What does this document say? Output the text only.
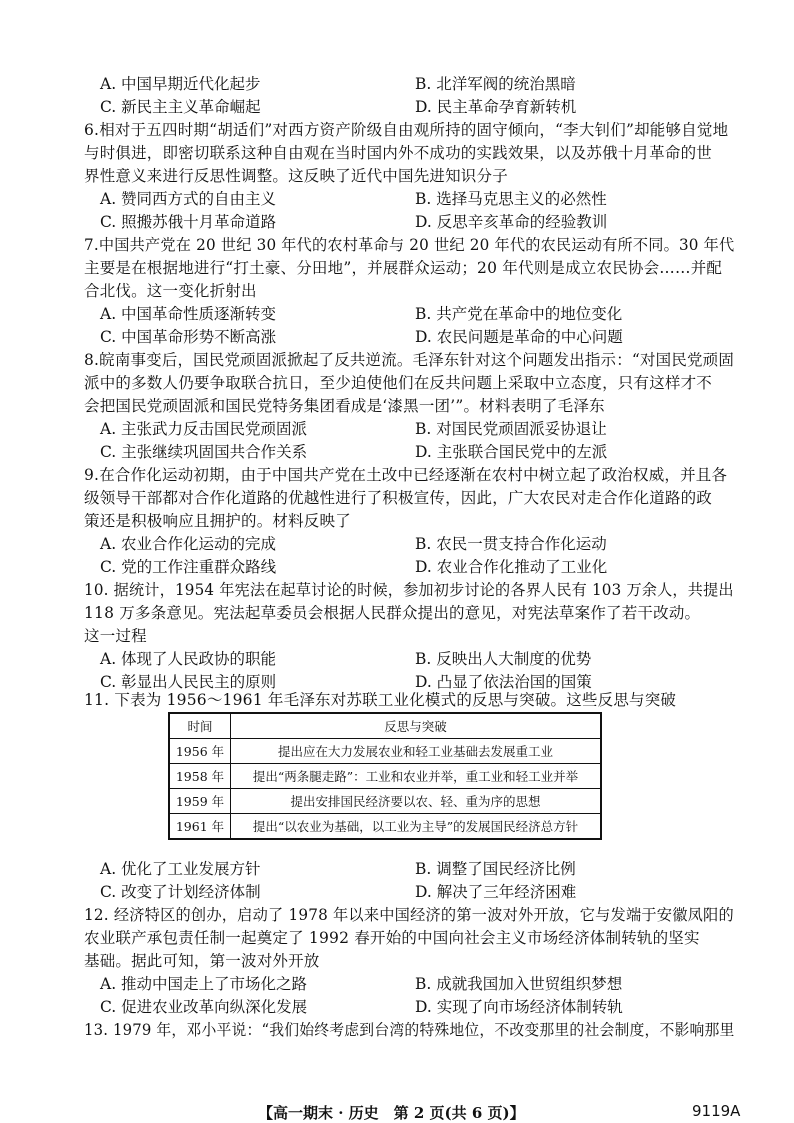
A. 中国早期近代化起步	B. 北洋军阀的统治黑暗
C. 新民主主义革命崛起	D. 民主革命孕育新转机
6.相对于五四时期“胡适们”对西方资产阶级自由观所持的固守倾向，“李大钊们”却能够自觉地
与时俱进，即密切联系这种自由观在当时国内外不成功的实践效果，以及苏俄十月革命的世
界性意义来进行反思性调整。这反映了近代中国先进知识分子
A. 赞同西方式的自由主义	B. 选择马克思主义的必然性
C. 照搬苏俄十月革命道路	D. 反思辛亥革命的经验教训
7.中国共产党在 20 世纪 30 年代的农村革命与 20 世纪 20 年代的农民运动有所不同。30 年代
主要是在根据地进行“打土豪、分田地”，并展群众运动；20 年代则是成立农民协会……并配
合北伐。这一变化折射出
A. 中国革命性质逐渐转变	B. 共产党在革命中的地位变化
C. 中国革命形势不断高涨	D. 农民问题是革命的中心问题
8.皖南事变后，国民党顽固派掀起了反共逆流。毛泽东针对这个问题发出指示：“对国民党顽固
派中的多数人仍要争取联合抗日，至少迫使他们在反共问题上采取中立态度，只有这样才不
会把国民党顽固派和国民党特务集团看成是‘漆黑一团’”。材料表明了毛泽东
A. 主张武力反击国民党顽固派	B. 对国民党顽固派妥协退让
C. 主张继续巩固国共合作关系	D. 主张联合国民党中的左派
9.在合作化运动初期，由于中国共产党在土改中已经逐渐在农村中树立起了政治权威，并且各
级领导干部都对合作化道路的优越性进行了积极宣传，因此，广大农民对走合作化道路的政
策还是积极响应且拥护的。材料反映了
A. 农业合作化运动的完成	B. 农民一贯支持合作化运动
C. 党的工作注重群众路线	D. 农业合作化推动了工业化
10. 据统计，1954 年宪法在起草讨论的时候，参加初步讨论的各界人民有 103 万余人，共提出
118 万多条意见。宪法起草委员会根据人民群众提出的意见，对宪法草案作了若干改动。
这一过程
A. 体现了人民政协的职能	B. 反映出人大制度的优势
C. 彰显出人民民主的原则	D. 凸显了依法治国的国策
11. 下表为 1956～1961 年毛泽东对苏联工业化模式的反思与突破。这些反思与突破
时间	反思与突破
1956 年	提出应在大力发展农业和轻工业基础去发展重工业
1958 年	提出“两条腿走路”：工业和农业并举，重工业和轻工业并举
1959 年	提出安排国民经济要以农、轻、重为序的思想
1961 年	提出“以农业为基础，以工业为主导”的发展国民经济总方针
A. 优化了工业发展方针	B. 调整了国民经济比例
C. 改变了计划经济体制	D. 解决了三年经济困难
12. 经济特区的创办，启动了 1978 年以来中国经济的第一波对外开放，它与发端于安徽凤阳的
农业联产承包责任制一起奠定了 1992 春开始的中国向社会主义市场经济体制转轨的坚实
基础。据此可知，第一波对外开放
A. 推动中国走上了市场化之路	B. 成就我国加入世贸组织梦想
C. 促进农业改革向纵深化发展	D. 实现了向市场经济体制转轨
13. 1979 年，邓小平说：“我们始终考虑到台湾的特殊地位，不改变那里的社会制度，不影响那里
【高一期末 · 历史　第 2 页(共 6 页)】	9119A
